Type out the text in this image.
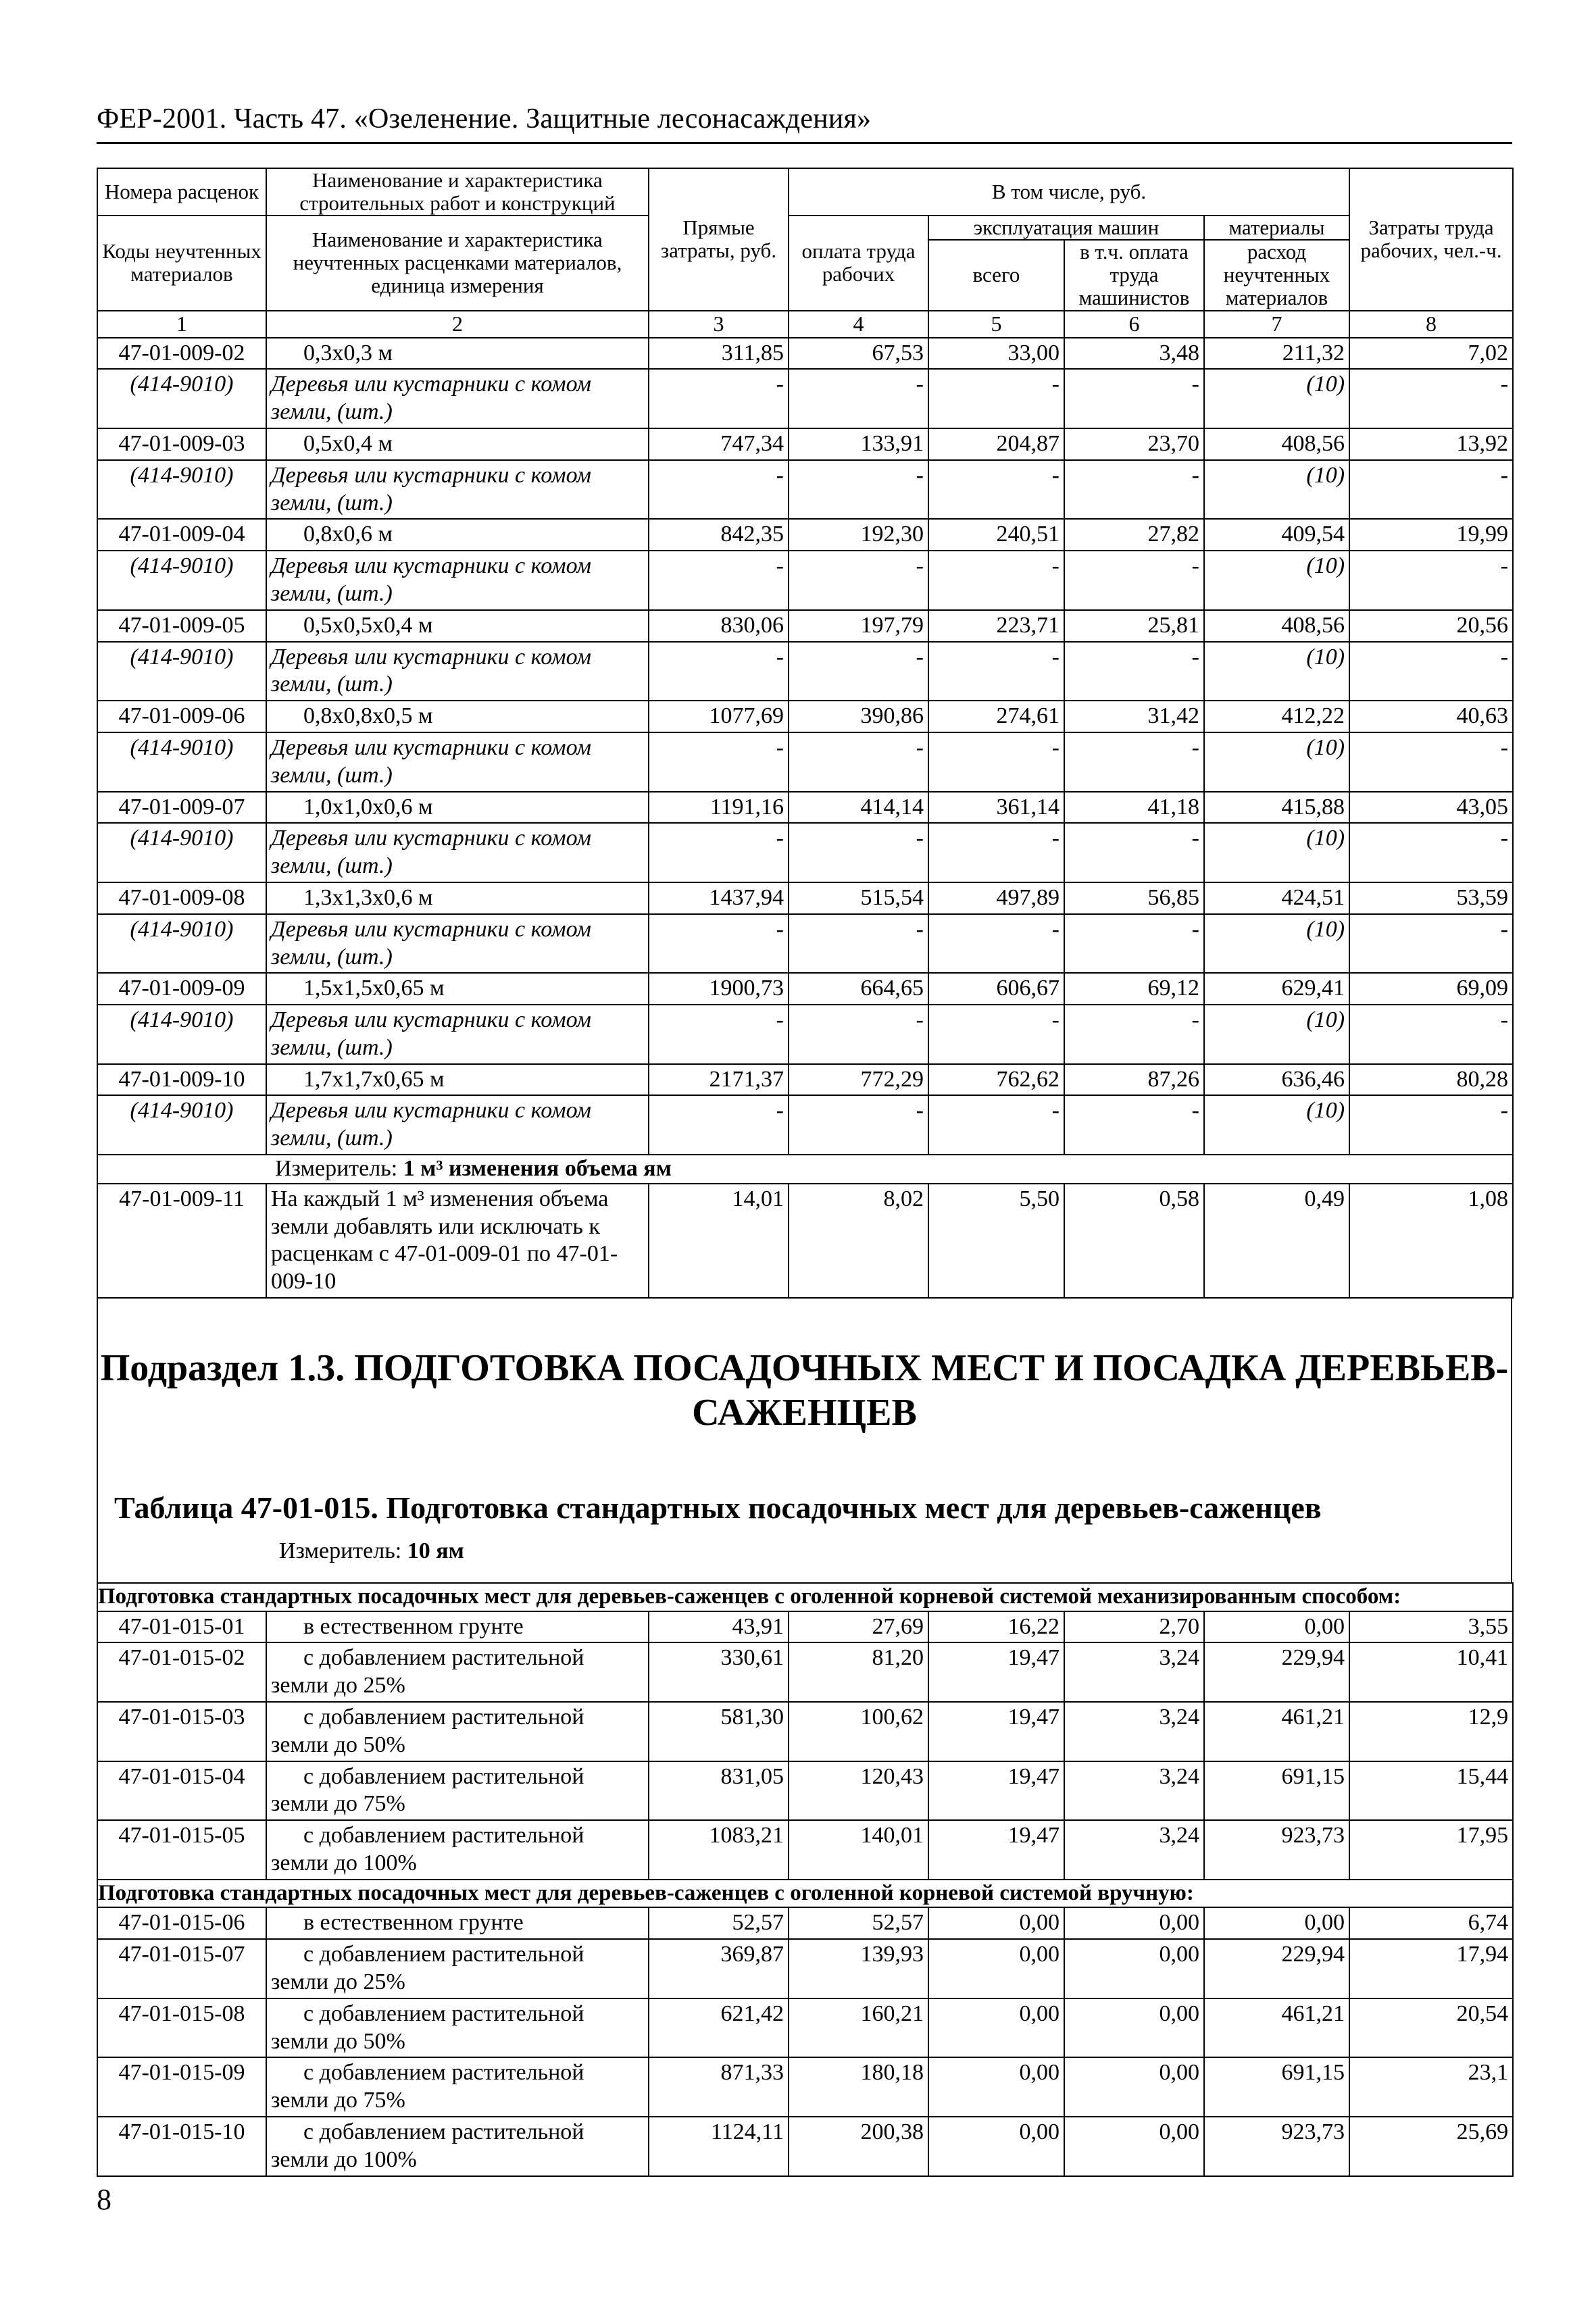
ФЕР-2001. Часть 47. «Озеленение. Защитные лесонасаждения»
Номера расценок	Наименование и характеристика строительных работ и конструкций	Прямые затраты, руб.	В том числе, руб.				Затраты труда рабочих, чел.-ч.
Коды неучтенных материалов	Наименование и характеристика неучтенных расценками материалов, единица измерения		оплата труда рабочих	эксплуатация машин		материалы	
				всего	в т.ч. оплата труда машинистов	расход неучтенных материалов	
1	2	3	4	5	6	7	8
47-01-009-02	0,3x0,3 м	311,85	67,53	33,00	3,48	211,32	7,02
(414-9010)	Деревья или кустарники с комом земли, (шт.)	-	-	-	-	(10)	-
47-01-009-03	0,5x0,4 м	747,34	133,91	204,87	23,70	408,56	13,92
(414-9010)	Деревья или кустарники с комом земли, (шт.)	-	-	-	-	(10)	-
47-01-009-04	0,8x0,6 м	842,35	192,30	240,51	27,82	409,54	19,99
(414-9010)	Деревья или кустарники с комом земли, (шт.)	-	-	-	-	(10)	-
47-01-009-05	0,5x0,5x0,4 м	830,06	197,79	223,71	25,81	408,56	20,56
(414-9010)	Деревья или кустарники с комом земли, (шт.)	-	-	-	-	(10)	-
47-01-009-06	0,8x0,8x0,5 м	1077,69	390,86	274,61	31,42	412,22	40,63
(414-9010)	Деревья или кустарники с комом земли, (шт.)	-	-	-	-	(10)	-
47-01-009-07	1,0x1,0x0,6 м	1191,16	414,14	361,14	41,18	415,88	43,05
(414-9010)	Деревья или кустарники с комом земли, (шт.)	-	-	-	-	(10)	-
47-01-009-08	1,3x1,3x0,6 м	1437,94	515,54	497,89	56,85	424,51	53,59
(414-9010)	Деревья или кустарники с комом земли, (шт.)	-	-	-	-	(10)	-
47-01-009-09	1,5x1,5x0,65 м	1900,73	664,65	606,67	69,12	629,41	69,09
(414-9010)	Деревья или кустарники с комом земли, (шт.)	-	-	-	-	(10)	-
47-01-009-10	1,7x1,7x0,65 м	2171,37	772,29	762,62	87,26	636,46	80,28
(414-9010)	Деревья или кустарники с комом земли, (шт.)	-	-	-	-	(10)	-
Измеритель: 1 м³ изменения объема ям							
47-01-009-11	На каждый 1 м³ изменения объема земли добавлять или исключать к расценкам с 47-01-009-01 по 47-01-009-10	14,01	8,02	5,50	0,58	0,49	1,08
Подраздел 1.3. ПОДГОТОВКА ПОСАДОЧНЫХ МЕСТ И ПОСАДКА ДЕРЕВЬЕВ-САЖЕНЦЕВ
Таблица 47-01-015. Подготовка стандартных посадочных мест для деревьев-саженцев
Измеритель: 10 ям
Подготовка стандартных посадочных мест для деревьев-саженцев с оголенной корневой системой механизированным способом:							
47-01-015-01	в естественном грунте	43,91	27,69	16,22	2,70	0,00	3,55
47-01-015-02	с добавлением растительной земли до 25%	330,61	81,20	19,47	3,24	229,94	10,41
47-01-015-03	с добавлением растительной земли до 50%	581,30	100,62	19,47	3,24	461,21	12,9
47-01-015-04	с добавлением растительной земли до 75%	831,05	120,43	19,47	3,24	691,15	15,44
47-01-015-05	с добавлением растительной земли до 100%	1083,21	140,01	19,47	3,24	923,73	17,95
Подготовка стандартных посадочных мест для деревьев-саженцев с оголенной корневой системой вручную:							
47-01-015-06	в естественном грунте	52,57	52,57	0,00	0,00	0,00	6,74
47-01-015-07	с добавлением растительной земли до 25%	369,87	139,93	0,00	0,00	229,94	17,94
47-01-015-08	с добавлением растительной земли до 50%	621,42	160,21	0,00	0,00	461,21	20,54
47-01-015-09	с добавлением растительной земли до 75%	871,33	180,18	0,00	0,00	691,15	23,1
47-01-015-10	с добавлением растительной земли до 100%	1124,11	200,38	0,00	0,00	923,73	25,69
8
